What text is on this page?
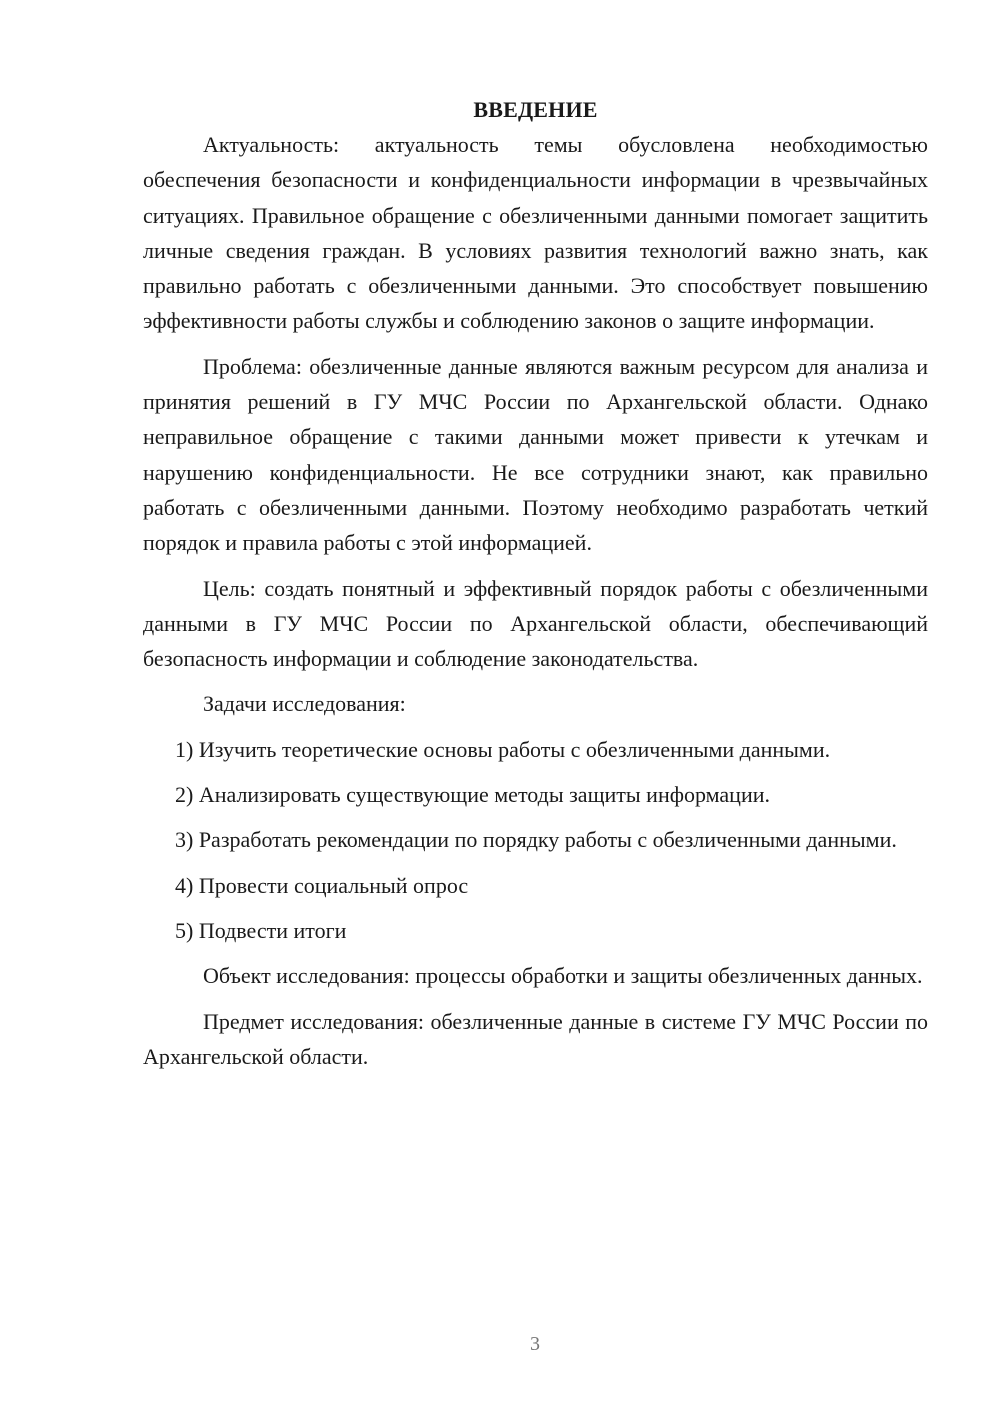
ВВЕДЕНИЕ

Актуальность: актуальность темы обусловлена необходимостью обеспечения безопасности и конфиденциальности информации в чрезвычайных ситуациях. Правильное обращение с обезличенными данными помогает защитить личные сведения граждан. В условиях развития технологий важно знать, как правильно работать с обезличенными данными. Это способствует повышению эффективности работы службы и соблюдению законов о защите информации.

Проблема: обезличенные данные являются важным ресурсом для анализа и принятия решений в ГУ МЧС России по Архангельской области. Однако неправильное обращение с такими данными может привести к утечкам и нарушению конфиденциальности. Не все сотрудники знают, как правильно работать с обезличенными данными. Поэтому необходимо разработать четкий порядок и правила работы с этой информацией.

Цель: создать понятный и эффективный порядок работы с обезличенными данными в ГУ МЧС России по Архангельской области, обеспечивающий безопасность информации и соблюдение законодательства.

Задачи исследования:

1) Изучить теоретические основы работы с обезличенными данными.

2) Анализировать существующие методы защиты информации.

3) Разработать рекомендации по порядку работы с обезличенными данными.

4) Провести социальный опрос

5) Подвести итоги

Объект исследования: процессы обработки и защиты обезличенных данных.

Предмет исследования: обезличенные данные в системе ГУ МЧС России по Архангельской области.

3
